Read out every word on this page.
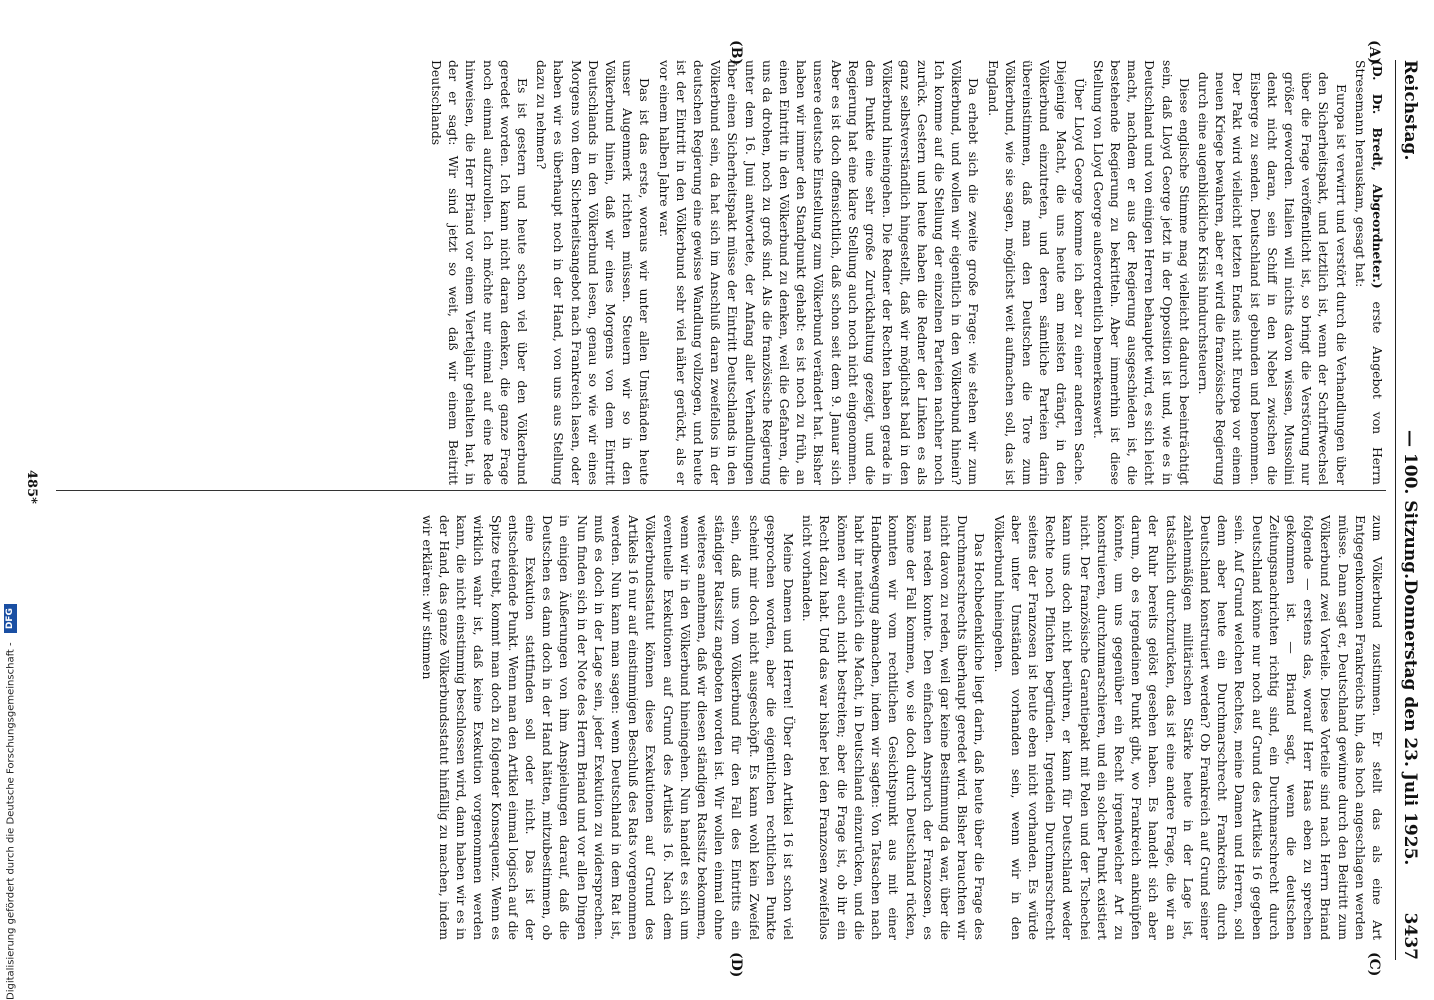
Reichstag.
— 100. Sitzung.
Donnerstag den 23. Juli 1925.        3437
(A)
(B)
(C)
(D)

(D. Dr. Bredt, Abgeordneter.) erste Angebot von Herrn Stresemann herauskam, gesagt hat:

Europa ist verwirrt und verstört durch die Verhandlungen über den Sicherheitspakt, und letztlich ist, wenn der Schriftwechsel über die Frage veröffentlicht ist, so bringt die Verstörung nur größer geworden. Italien will nichts davon wissen, Mussolini denkt nicht daran, sein Schiff in den Nebel zwischen die Eisberge zu senden. Deutschland ist gebunden und benommen. Der Pakt wird vielleicht letzten Endes nicht Europa vor einem neuen Kriege bewahren, aber er wird die französische Regierung durch eine augenblickliche Krisis hindurchsteuern.

Diese englische Stimme mag vielleicht dadurch beeinträchtigt sein, daß Lloyd George jetzt in der Opposition ist und, wie es in Deutschland und von einigen Herren behauptet wird, es sich leicht macht, nachdem er aus der Regierung ausgeschieden ist, die bestehende Regierung zu bekritteln. Aber immerhin ist diese Stellung von Lloyd George außerordentlich bemerkenswert.

Über Lloyd George komme ich aber zu einer anderen Sache. Diejenige Macht, die uns heute am meisten drängt, in den Völkerbund einzutreten, und deren sämtliche Parteien darin übereinstimmen, daß man den Deutschen die Tore zum Völkerbund, wie sie sagen, möglichst weit aufmachen soll, das ist England.

Da erhebt sich die zweite große Frage: wie stehen wir zum Völkerbund, und wollen wir eigentlich in den Völkerbund hinein? Ich komme auf die Stellung der einzelnen Parteien nachher noch zurück. Gestern und heute haben die Redner der Linken es als ganz selbstverständlich hingestellt, daß wir möglichst bald in den Völkerbund hineingehen. Die Redner der Rechten haben gerade in dem Punkte eine sehr große Zurückhaltung gezeigt, und die Regierung hat eine klare Stellung auch noch nicht eingenommen. Aber es ist doch offensichtlich, daß schon seit dem 9. Januar sich unsere deutsche Einstellung zum Völkerbund verändert hat. Bisher haben wir immer den Standpunkt gehabt: es ist noch zu früh, an einen Eintritt in den Völkerbund zu denken, weil die Gefahren, die uns da drohen, noch zu groß sind. Als die französische Regierung unter dem 16. Juni antwortete, der Anfang aller Verhandlungen über einen Sicherheitspakt müsse der Eintritt Deutschlands in den Völkerbund sein, da hat sich im Anschluß daran zweifellos in der deutschen Regierung eine gewisse Wandlung vollzogen, und heute ist der Eintritt in den Völkerbund sehr viel näher gerückt, als er vor einem halben Jahre war.

Das ist das erste, woraus wir unter allen Umständen heute unser Augenmerk richten müssen. Steuern wir so in den Völkerbund hinein, daß wir eines Morgens von dem Eintritt Deutschlands in den Völkerbund lesen, genau so wie wir eines Morgens von dem Sicherheitsangebot nach Frankreich lasen, oder haben wir es überhaupt noch in der Hand, von uns aus Stellung dazu zu nehmen?

Es ist gestern und heute schon viel über den Völkerbund geredet worden. Ich kann nicht daran denken, die ganze Frage noch einmal aufzurollen. Ich möchte nur einmal auf eine Rede hinweisen, die Herr Briand vor einem Vierteljahr gehalten hat, in der er sagt: Wir sind jetzt so weit, daß wir einem Beitritt Deutschlands

zum Völkerbund zustimmen. Er stellt das als eine Art Entgegenkommen Frankreichs hin, das hoch angeschlagen werden müsse. Dann sagt er, Deutschland gewinne durch den Beitritt zum Völkerbund zwei Vorteile. Diese Vorteile sind nach Herrn Briand folgende — erstens das, worauf Herr Haas eben zu sprechen gekommen ist. — Briand sagt, wenn die deutschen Zeitungsnachrichten richtig sind, ein Durchmarschrecht durch Deutschland könne nur noch auf Grund des Artikels 16 gegeben sein. Auf Grund welchen Rechtes, meine Damen und Herren, soll denn aber heute ein Durchmarschrecht Frankreichs durch Deutschland konstruiert werden? Ob Frankreich auf Grund seiner zahlenmäßigen militärischen Stärke heute in der Lage ist, tatsächlich durchzurücken, das ist eine andere Frage, die wir an der Ruhr bereits gelöst gesehen haben. Es handelt sich aber darum, ob es irgendeinen Punkt gibt, wo Frankreich anknüpfen könnte, um uns gegenüber ein Recht irgendwelcher Art zu konstruieren, durchzumarschieren, und ein solcher Punkt existiert nicht. Der französische Garantiepakt mit Polen und der Tschechei kann uns doch nicht berühren, er kann für Deutschland weder Rechte noch Pflichten begründen. Irgendein Durchmarschrecht seitens der Franzosen ist heute eben nicht vorhanden. Es würde aber unter Umständen vorhanden sein, wenn wir in den Völkerbund hineingehen.

Das Hochbedenkliche liegt darin, daß heute über die Frage des Durchmarschrechts überhaupt geredet wird. Bisher brauchten wir nicht davon zu reden, weil gar keine Bestimmung da war, über die man reden konnte. Den einfachen Anspruch der Franzosen, es könne der Fall kommen, wo sie doch durch Deutschland rücken, konnten wir vom rechtlichen Gesichtspunkt aus mit einer Handbewegung abmachen, indem wir sagten: Von Tatsachen nach habt ihr natürlich die Macht, in Deutschland einzurücken, und die können wir euch nicht bestreiten; aber die Frage ist, ob ihr ein Recht dazu habt. Und das war bisher bei den Franzosen zweifellos nicht vorhanden.

Meine Damen und Herren! Über den Artikel 16 ist schon viel gesprochen worden, aber die eigentlichen rechtlichen Punkte scheint mir doch nicht ausgeschöpft. Es kann wohl kein Zweifel sein, daß uns vom Völkerbund für den Fall des Eintritts ein ständiger Ratssitz angeboten worden ist. Wir wollen einmal ohne weiteres annehmen, daß wir diesen ständigen Ratssitz bekommen, wenn wir in den Völkerbund hineingehen. Nun handelt es sich um eventuelle Exekutionen auf Grund des Artikels 16. Nach dem Völkerbundsstatut können diese Exekutionen auf Grund des Artikels 16 nur auf einstimmigen Beschluß des Rats vorgenommen werden. Nun kann man sagen: wenn Deutschland in dem Rat ist, muß es doch in der Lage sein, jeder Exekution zu widersprechen. Nun finden sich in der Note des Herrn Briand und vor allen Dingen in einigen Äußerungen von ihm Anspielungen darauf, daß die Deutschen es dann doch in der Hand hätten, mitzubestimmen, ob eine Exekution stattfinden soll oder nicht. Das ist der entscheidende Punkt. Wenn man den Artikel einmal logisch auf die Spitze treibt, kommt man doch zu folgender Konsequenz. Wenn es wirklich wahr ist, daß keine Exekution vorgenommen werden kann, die nicht einstimmig beschlossen wird, dann haben wir es in der Hand, das ganze Völkerbundsstatut hinfällig zu machen, indem wir erklären: wir stimmen

485*
Digitalisierung gefördert durch die Deutsche Forschungsgemeinschaft - DFG
